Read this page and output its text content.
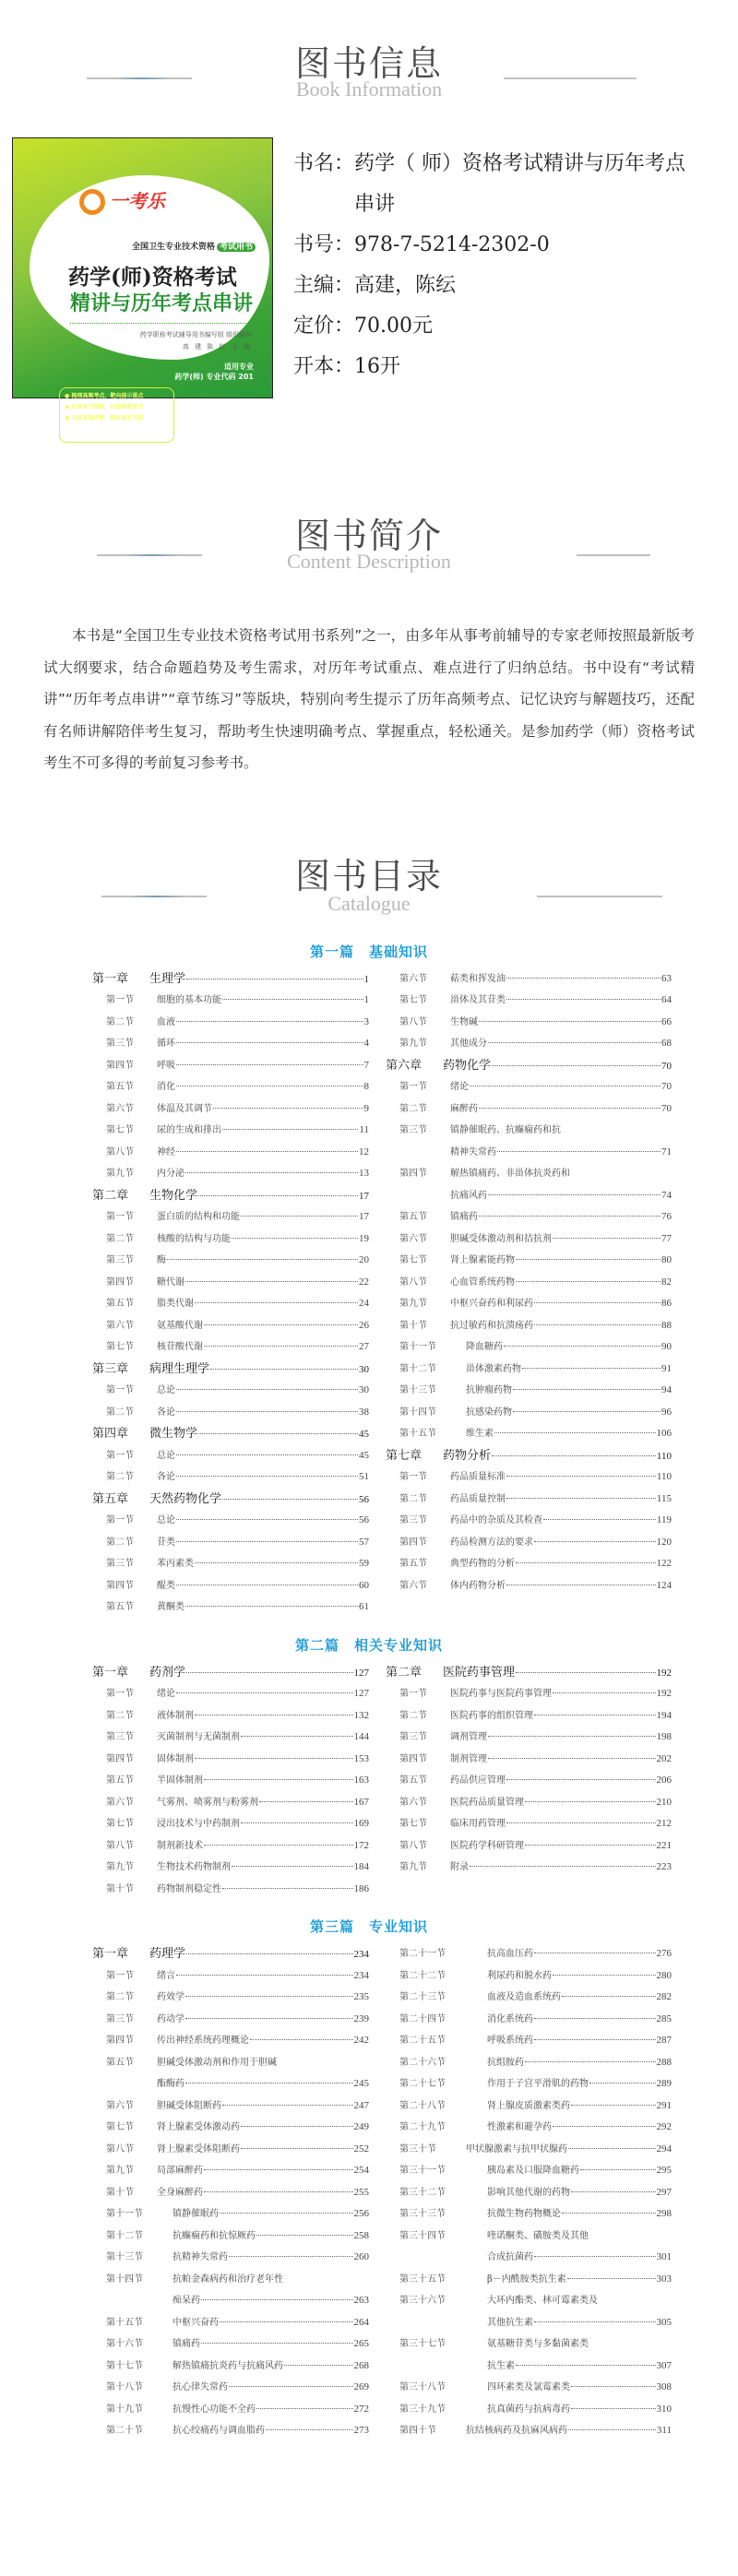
图书信息
Book Information
一考乐
全国卫生专业技术资格 考试用书
药学(师)资格考试
精讲与历年考点串讲
药学职称考试辅导用书编写组 组织编写
高 建 陈 纭 主 编
● 梳理高频考点，靶向提示重点
● 经典章节例题，快速掌握考点
● 名师音频讲解，随时高效巩固
适用专业
药学(师) 专业代码 201
书名： 药学（ 师）资格考试精讲与历年考点串讲
书号： 978-7-5214-2302-0
主编： 高建，陈纭
定价： 70.00元
开本： 16开
图书简介
Content Description

本书是“全国卫生专业技术资格考试用书系列”之一，由多年从事考前辅导的专家老师按照最新版考试大纲要求，结合命题趋势及考生需求，对历年考试重点、难点进行了归纳总结。书中设有“考试精讲”“历年考点串讲”“章节练习”等版块，特别向考生提示了历年高频考点、记忆诀窍与解题技巧，还配有名师讲解陪伴考生复习，帮助考生快速明确考点、掌握重点，轻松通关。是参加药学（师）资格考试考生不可多得的考前复习参考书。

图书目录
Catalogue
第一篇　基础知识
第一章	生理学	1
第一节	细胞的基本功能	1
第二节	血液	3
第三节	循环	4
第四节	呼吸	7
第五节	消化	8
第六节	体温及其调节	9
第七节	尿的生成和排出	11
第八节	神经	12
第九节	内分泌	13
第二章	生物化学	17
第一节	蛋白质的结构和功能	17
第二节	核酸的结构与功能	19
第三节	酶	20
第四节	糖代谢	22
第五节	脂类代谢	24
第六节	氨基酸代谢	26
第七节	核苷酸代谢	27
第三章	病理生理学	30
第一节	总论	30
第二节	各论	38
第四章	微生物学	45
第一节	总论	45
第二节	各论	51
第五章	天然药物化学	56
第一节	总论	56
第二节	苷类	57
第三节	苯丙素类	59
第四节	醌类	60
第五节	黄酮类	61
第六节	萜类和挥发油	63
第七节	甾体及其苷类	64
第八节	生物碱	66
第九节	其他成分	68
第六章	药物化学	70
第一节	绪论	70
第二节	麻醉药	70
第三节	镇静催眠药、抗癫痫药和抗
精神失常药	71
第四节	解热镇痛药、非甾体抗炎药和
抗痛风药	74
第五节	镇痛药	76
第六节	胆碱受体激动剂和拮抗剂	77
第七节	肾上腺素能药物	80
第八节	心血管系统药物	82
第九节	中枢兴奋药和利尿药	86
第十节	抗过敏药和抗溃疡药	88
第十一节	降血糖药	90
第十二节	甾体激素药物	91
第十三节	抗肿瘤药物	94
第十四节	抗感染药物	96
第十五节	维生素	106
第七章	药物分析	110
第一节	药品质量标准	110
第二节	药品质量控制	115
第三节	药品中的杂质及其检查	119
第四节	药品检测方法的要求	120
第五节	典型药物的分析	122
第六节	体内药物分析	124
第二篇　相关专业知识
第一章	药剂学	127
第一节	绪论	127
第二节	液体制剂	132
第三节	灭菌制剂与无菌制剂	144
第四节	固体制剂	153
第五节	半固体制剂	163
第六节	气雾剂、喷雾剂与粉雾剂	167
第七节	浸出技术与中药制剂	169
第八节	制剂新技术	172
第九节	生物技术药物制剂	184
第十节	药物制剂稳定性	186
第二章	医院药事管理	192
第一节	医院药事与医院药事管理	192
第二节	医院药事的组织管理	194
第三节	调剂管理	198
第四节	制剂管理	202
第五节	药品供应管理	206
第六节	医院药品质量管理	210
第七节	临床用药管理	212
第八节	医院药学科研管理	221
第九节	附录	223
第三篇　专业知识
第一章	药理学	234
第一节	绪言	234
第二节	药效学	235
第三节	药动学	239
第四节	传出神经系统药理概论	242
第五节	胆碱受体激动剂和作用于胆碱
酯酶药	245
第六节	胆碱受体阻断药	247
第七节	肾上腺素受体激动药	249
第八节	肾上腺素受体阻断药	252
第九节	局部麻醉药	254
第十节	全身麻醉药	255
第十一节	镇静催眠药	256
第十二节	抗癫痫药和抗惊厥药	258
第十三节	抗精神失常药	260
第十四节	抗帕金森病药和治疗老年性
痴呆药	263
第十五节	中枢兴奋药	264
第十六节	镇痛药	265
第十七节	解热镇痛抗炎药与抗痛风药	268
第十八节	抗心律失常药	269
第十九节	抗慢性心功能不全药	272
第二十节	抗心绞痛药与调血脂药	273
第二十一节	抗高血压药	276
第二十二节	利尿药和脱水药	280
第二十三节	血液及造血系统药	282
第二十四节	消化系统药	285
第二十五节	呼吸系统药	287
第二十六节	抗组胺药	288
第二十七节	作用于子宫平滑肌的药物	289
第二十八节	肾上腺皮质激素类药	291
第二十九节	性激素和避孕药	292
第三十节	甲状腺激素与抗甲状腺药	294
第三十一节	胰岛素及口服降血糖药	295
第三十二节	影响其他代谢的药物	297
第三十三节	抗微生物药物概论	298
第三十四节	喹诺酮类、磺胺类及其他
合成抗菌药	301
第三十五节	β－内酰胺类抗生素	303
第三十六节	大环内酯类、林可霉素类及
其他抗生素	305
第三十七节	氨基糖苷类与多黏菌素类
抗生素	307
第三十八节	四环素类及氯霉素类	308
第三十九节	抗真菌药与抗病毒药	310
第四十节	抗结核病药及抗麻风病药	311
